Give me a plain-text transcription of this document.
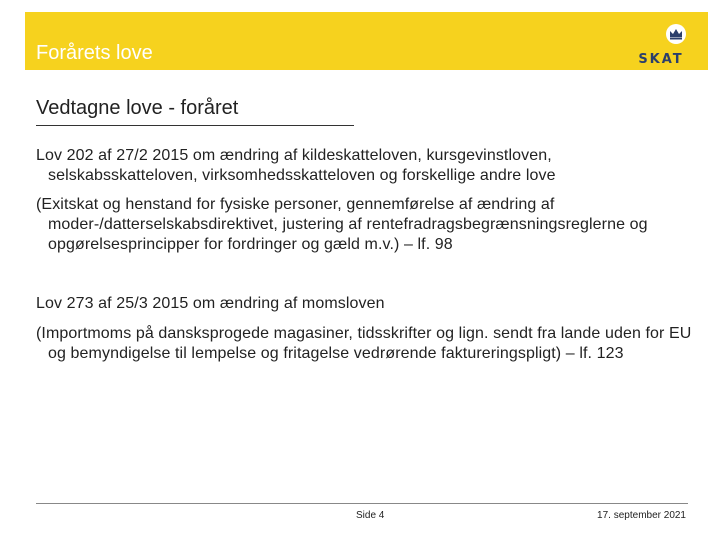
Forårets love	SKAT
Vedtagne love - foråret
Lov 202 af 27/2 2015 om ændring af kildeskatteloven, kursgevinstloven, selskabsskatteloven, virksomhedsskatteloven og forskellige andre love
(Exitskat og henstand for fysiske personer, gennemførelse af ændring af moder-/datterselskabsdirektivet, justering af rentefradragsbegrænsningsreglerne og opgørelsesprincipper for fordringer og gæld m.v.) – lf. 98
Lov 273 af 25/3 2015 om ændring af momsloven
(Importmoms på dansksprogede magasiner, tidsskrifter og lign. sendt fra lande uden for EU og bemyndigelse til lempelse og fritagelse vedrørende faktureringspligt) – lf. 123
Side 4	17. september 2021
